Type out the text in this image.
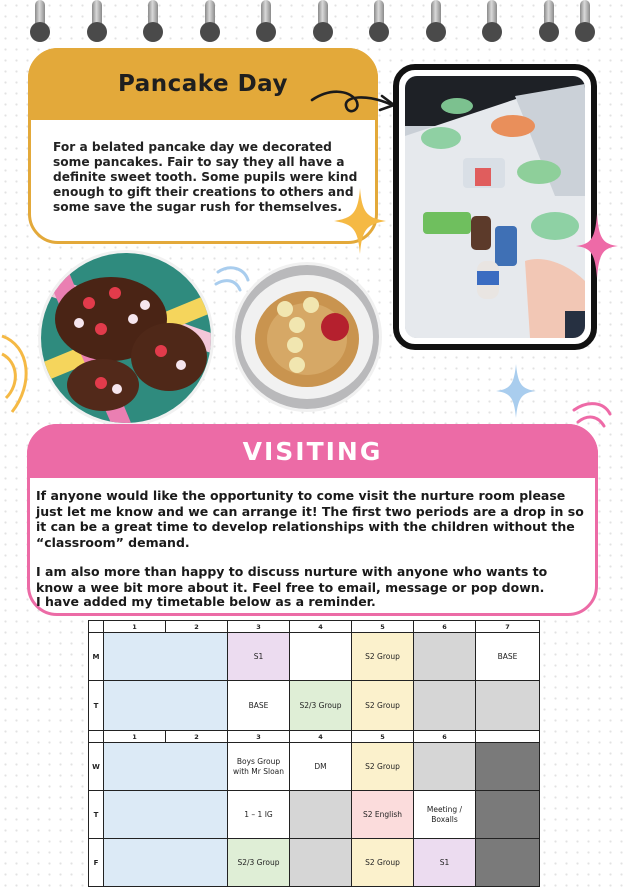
Pancake Day
For a belated pancake day we decorated some pancakes. Fair to say they all have a definite sweet tooth. Some pupils were kind enough to gift their creations to others and some save the sugar rush for themselves.
VISITING
If anyone would like the opportunity to come visit the nurture room please just let me know and we can arrange it! The first two periods are a drop in so it can be a great time to develop relationships with the children without the “classroom” demand.
I am also more than happy to discuss nurture with anyone who wants to know a wee bit more about it. Feel free to email, message or pop down.
I have added my timetable below as a reminder.
	1	2	3	4	5	6	7
M			S1		S2 Group		BASE
T			BASE	S2/3 Group	S2 Group		
	1	2	3	4	5	6	
W			Boys Group with Mr Sloan	DM	S2 Group		
T			1 – 1 IG		S2 English	Meeting / Boxalls	
F			S2/3 Group		S2 Group	S1	
